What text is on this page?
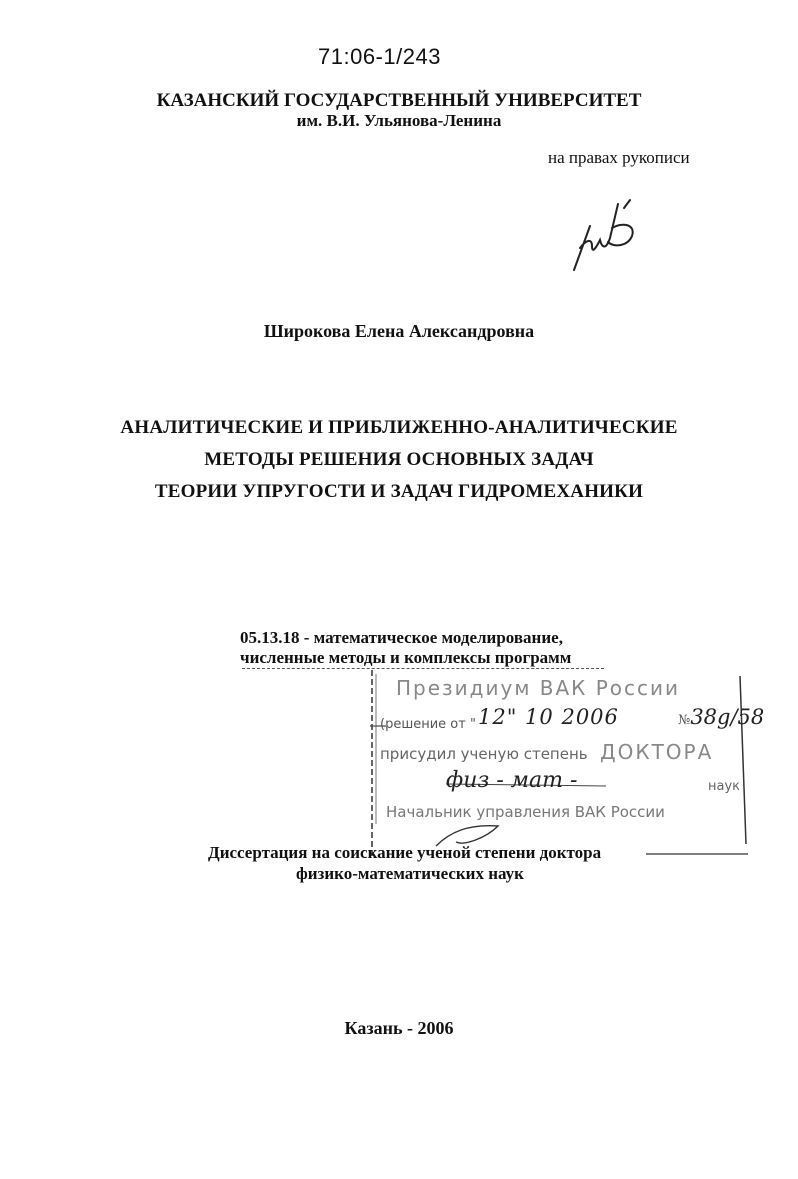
71:06-1/243
КАЗАНСКИЙ ГОСУДАРСТВЕННЫЙ УНИВЕРСИТЕТ
им. В.И. Ульянова-Ленина
на правах рукописи
Широкова Елена Александровна
АНАЛИТИЧЕСКИЕ И ПРИБЛИЖЕННО-АНАЛИТИЧЕСКИЕ
МЕТОДЫ РЕШЕНИЯ ОСНОВНЫХ ЗАДАЧ
ТЕОРИИ УПРУГОСТИ И ЗАДАЧ ГИДРОМЕХАНИКИ
05.13.18 - математическое моделирование,
численные методы и комплексы программ
Президиум ВАК России
(решение от " 12" 10 2006	№38g/58
присудил ученую степень ДОКТОРА
физ - мат -	наук
Начальник управления ВАК России
Диссертация на соискание ученой степени доктора
физико-математических наук
Казань - 2006
